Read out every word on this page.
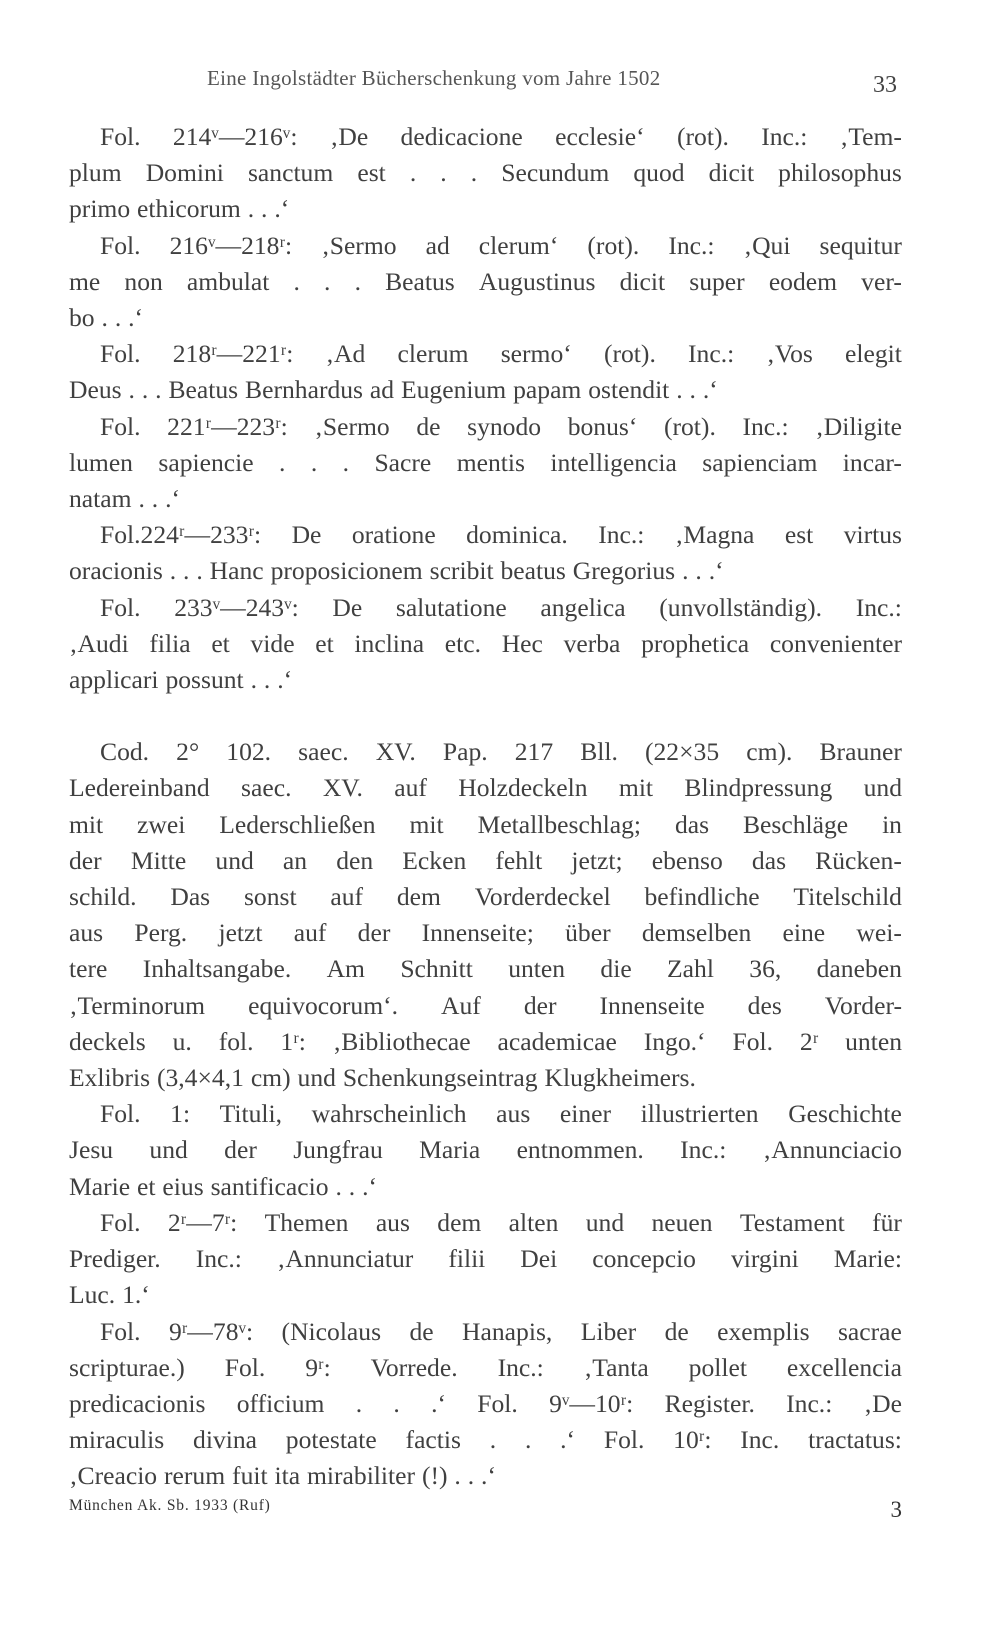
Eine Ingolstädter Bücherschenkung vom Jahre 1502	33
Fol. 214ᵛ—216ᵛ: ‚De dedicacione ecclesie‘ (rot). Inc.: ‚Tem-
plum Domini sanctum est . . . Secundum quod dicit philosophus
primo ethicorum . . .‘
Fol. 216ᵛ—218ʳ: ‚Sermo ad clerum‘ (rot). Inc.: ‚Qui sequitur
me non ambulat . . . Beatus Augustinus dicit super eodem ver-
bo . . .‘
Fol. 218ʳ—221ʳ: ‚Ad clerum sermo‘ (rot). Inc.: ‚Vos elegit
Deus . . . Beatus Bernhardus ad Eugenium papam ostendit . . .‘
Fol. 221ʳ—223ʳ: ‚Sermo de synodo bonus‘ (rot). Inc.: ‚Diligite
lumen sapiencie . . . Sacre mentis intelligencia sapienciam incar-
natam . . .‘
Fol.224ʳ—233ʳ: De oratione dominica. Inc.: ‚Magna est virtus
oracionis . . . Hanc proposicionem scribit beatus Gregorius . . .‘
Fol. 233ᵛ—243ᵛ: De salutatione angelica (unvollständig). Inc.:
‚Audi filia et vide et inclina etc. Hec verba prophetica convenienter
applicari possunt . . .‘
Cod. 2° 102. saec. XV. Pap. 217 Bll. (22×35 cm). Brauner
Ledereinband saec. XV. auf Holzdeckeln mit Blindpressung und
mit zwei Lederschließen mit Metallbeschlag; das Beschläge in
der Mitte und an den Ecken fehlt jetzt; ebenso das Rücken-
schild. Das sonst auf dem Vorderdeckel befindliche Titelschild
aus Perg. jetzt auf der Innenseite; über demselben eine wei-
tere Inhaltsangabe. Am Schnitt unten die Zahl 36, daneben
‚Terminorum equivocorum‘. Auf der Innenseite des Vorder-
deckels u. fol. 1ʳ: ‚Bibliothecae academicae Ingo.‘ Fol. 2ʳ unten
Exlibris (3,4×4,1 cm) und Schenkungseintrag Klugkheimers.
Fol. 1: Tituli, wahrscheinlich aus einer illustrierten Geschichte
Jesu und der Jungfrau Maria entnommen. Inc.: ‚Annunciacio
Marie et eius santificacio . . .‘
Fol. 2ʳ—7ʳ: Themen aus dem alten und neuen Testament für
Prediger. Inc.: ‚Annunciatur filii Dei concepcio virgini Marie:
Luc. 1.‘
Fol. 9ʳ—78ᵛ: (Nicolaus de Hanapis, Liber de exemplis sacrae
scripturae.) Fol. 9ʳ: Vorrede. Inc.: ‚Tanta pollet excellencia
predicacionis officium . . .‘ Fol. 9ᵛ—10ʳ: Register. Inc.: ‚De
miraculis divina potestate factis . . .‘ Fol. 10ʳ: Inc. tractatus:
‚Creacio rerum fuit ita mirabiliter (!) . . .‘
München Ak. Sb. 1933 (Ruf)	3
